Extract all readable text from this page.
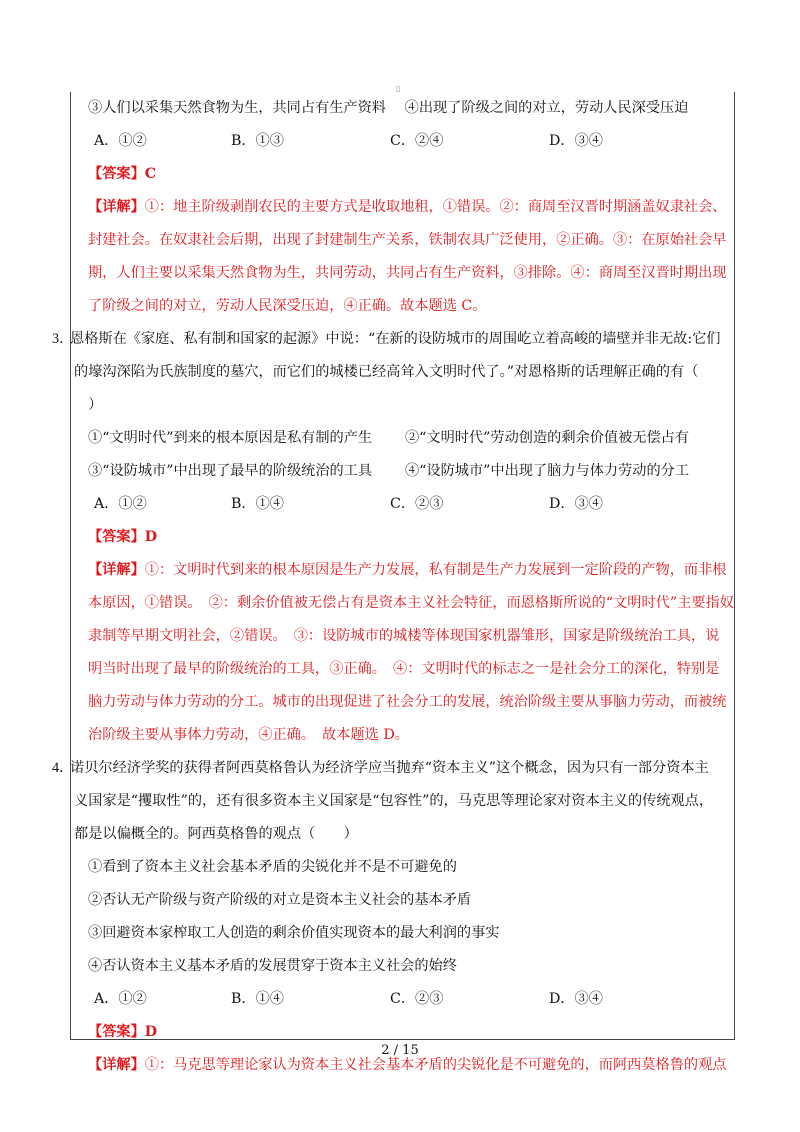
▯
③人们以采集天然食物为生，共同占有生产资料　 ④出现了阶级之间的对立，劳动人民深受压迫
A．①②	B．①③	C．②④	D．③④
【答案】C
【详解】①：地主阶级剥削农民的主要方式是收取地租，①错误。②：商周至汉晋时期涵盖奴隶社会、
封建社会。在奴隶社会后期，出现了封建制生产关系，铁制农具广泛使用，②正确。③：在原始社会早
期，人们主要以采集天然食物为生，共同劳动，共同占有生产资料，③排除。④：商周至汉晋时期出现
了阶级之间的对立，劳动人民深受压迫，④正确。故本题选 C。
3．恩格斯在《家庭、私有制和国家的起源》中说：“在新的设防城市的周围屹立着高峻的墙壁并非无故:它们
的壕沟深陷为氏族制度的墓穴，而它们的城楼已经高耸入文明时代了。”对恩格斯的话理解正确的有（
　）
①“文明时代”到来的根本原因是私有制的产生　　 ②“文明时代”劳动创造的剩余价值被无偿占有
③“设防城市”中出现了最早的阶级统治的工具　　 ④“设防城市”中出现了脑力与体力劳动的分工
A．①②	B．①④	C．②③	D．③④
【答案】D
【详解】①：文明时代到来的根本原因是生产力发展，私有制是生产力发展到一定阶段的产物，而非根
本原因，①错误。　②：剩余价值被无偿占有是资本主义社会特征，而恩格斯所说的“文明时代”主要指奴
隶制等早期文明社会，②错误。　③：设防城市的城楼等体现国家机器雏形，国家是阶级统治工具，说
明当时出现了最早的阶级统治的工具，③正确。　④：文明时代的标志之一是社会分工的深化，特别是
脑力劳动与体力劳动的分工。城市的出现促进了社会分工的发展，统治阶级主要从事脑力劳动，而被统
治阶级主要从事体力劳动，④正确。　故本题选 D。
4．诺贝尔经济学奖的获得者阿西莫格鲁认为经济学应当抛弃“资本主义”这个概念，因为只有一部分资本主
义国家是“攫取性”的，还有很多资本主义国家是“包容性”的，马克思等理论家对资本主义的传统观点，
都是以偏概全的。阿西莫格鲁的观点（　　）
①看到了资本主义社会基本矛盾的尖锐化并不是不可避免的
②否认无产阶级与资产阶级的对立是资本主义社会的基本矛盾
③回避资本家榨取工人创造的剩余价值实现资本的最大利润的事实
④否认资本主义基本矛盾的发展贯穿于资本主义社会的始终
A．①②	B．①④	C．②③	D．③④
【答案】D
【详解】①：马克思等理论家认为资本主义社会基本矛盾的尖锐化是不可避免的，而阿西莫格鲁的观点
2 / 15
